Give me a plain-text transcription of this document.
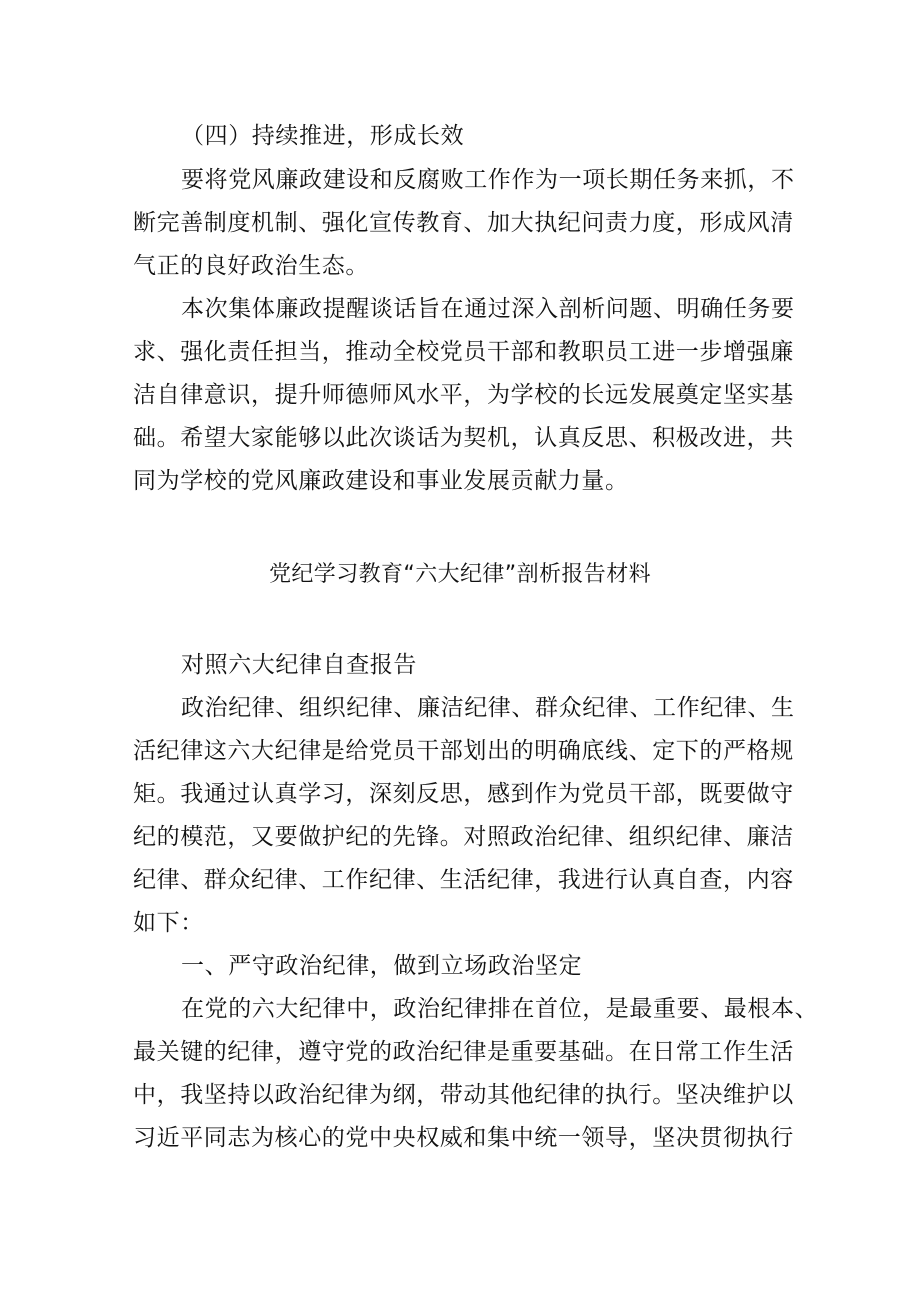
（四）持续推进，形成长效
要将党风廉政建设和反腐败工作作为一项长期任务来抓，不
断完善制度机制、强化宣传教育、加大执纪问责力度，形成风清
气正的良好政治生态。
本次集体廉政提醒谈话旨在通过深入剖析问题、明确任务要
求、强化责任担当，推动全校党员干部和教职员工进一步增强廉
洁自律意识，提升师德师风水平，为学校的长远发展奠定坚实基
础。希望大家能够以此次谈话为契机，认真反思、积极改进，共
同为学校的党风廉政建设和事业发展贡献力量。
党纪学习教育“六大纪律”剖析报告材料
对照六大纪律自查报告
政治纪律、组织纪律、廉洁纪律、群众纪律、工作纪律、生
活纪律这六大纪律是给党员干部划出的明确底线、定下的严格规
矩。我通过认真学习，深刻反思，感到作为党员干部，既要做守
纪的模范，又要做护纪的先锋。对照政治纪律、组织纪律、廉洁
纪律、群众纪律、工作纪律、生活纪律，我进行认真自查，内容
如下：
一、严守政治纪律，做到立场政治坚定
在党的六大纪律中，政治纪律排在首位，是最重要、最根本、
最关键的纪律，遵守党的政治纪律是重要基础。在日常工作生活
中，我坚持以政治纪律为纲，带动其他纪律的执行。坚决维护以
习近平同志为核心的党中央权威和集中统一领导，坚决贯彻执行
